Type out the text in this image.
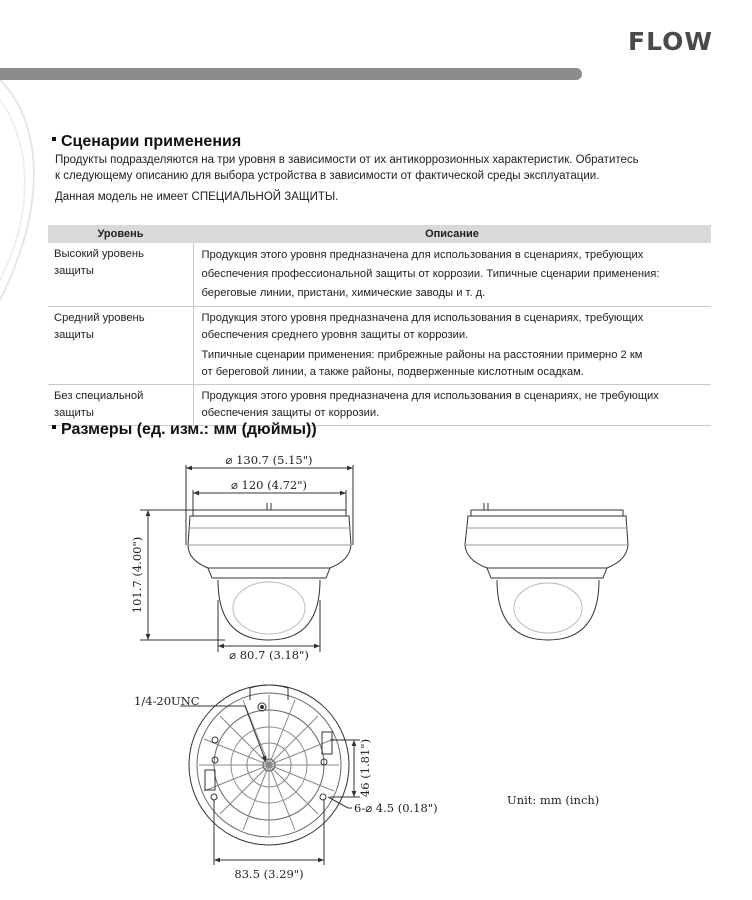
FLOW
Сценарии применения
Продукты подразделяются на три уровня в зависимости от их антикоррозионных характеристик. Обратитесь
к следующему описанию для выбора устройства в зависимости от фактической среды эксплуатации.
Данная модель не имеет СПЕЦИАЛЬНОЙ ЗАЩИТЫ.
Уровень	Описание

Высокий уровень
защиты	Продукция этого уровня предназначена для использования в сценариях, требующих
обеспечения профессиональной защиты от коррозии. Типичные сценарии применения:
береговые линии, пристани, химические заводы и т. д.

Средний уровень
защиты	Продукция этого уровня предназначена для использования в сценариях, требующих
обеспечения среднего уровня защиты от коррозии.
Типичные сценарии применения: прибрежные районы на расстоянии примерно 2 км
от береговой линии, а также районы, подверженные кислотным осадкам.

Без специальной
защиты	Продукция этого уровня предназначена для использования в сценариях, не требующих
обеспечения защиты от коррозии.
Размеры (ед. изм.: мм (дюймы))
⌀ 130.7 (5.15")
⌀ 120 (4.72")
⌀ 80.7 (3.18")
101.7 (4.00")
1/4-20UNC
46 (1.81")
6-⌀ 4.5 (0.18")
83.5 (3.29")
Unit: mm (inch)
